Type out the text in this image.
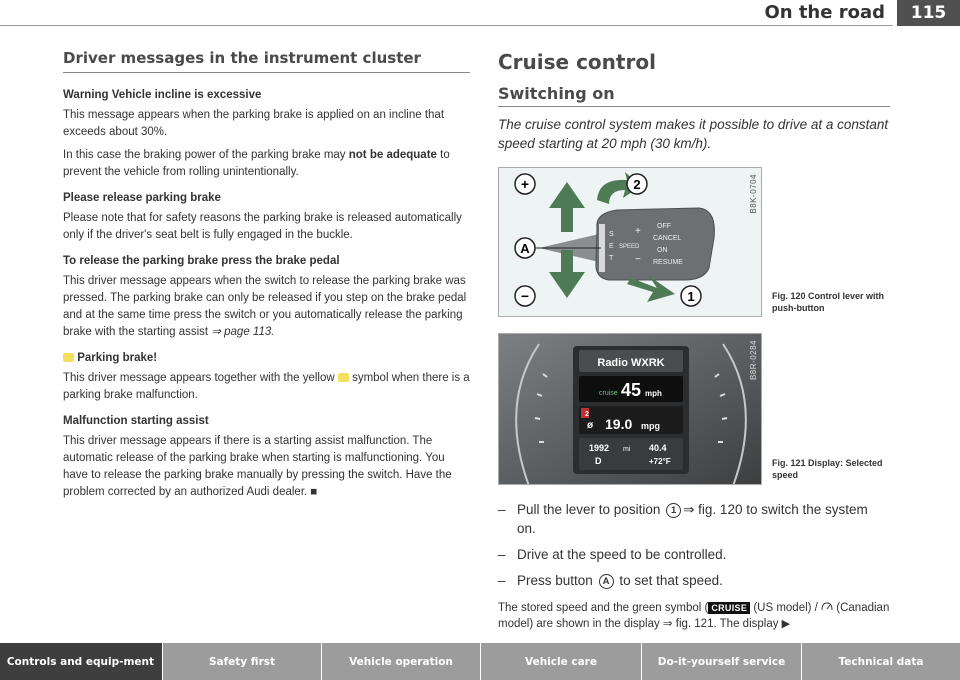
On the road	115
Driver messages in the instrument cluster
Warning Vehicle incline is excessive

This message appears when the parking brake is applied on an incline that exceeds about 30%.

In this case the braking power of the parking brake may not be adequate to prevent the vehicle from rolling unintentionally.

Please release parking brake

Please note that for safety reasons the parking brake is released automatically only if the driver's seat belt is fully engaged in the buckle.

To release the parking brake press the brake pedal

This driver message appears when the switch to release the parking brake was pressed. The parking brake can only be released if you step on the brake pedal and at the same time press the switch or you automatically release the parking brake with the starting assist ⇒ page 113.

Parking brake!

This driver message appears together with the yellow symbol when there is a parking brake malfunction.

Malfunction starting assist

This driver message appears if there is a starting assist malfunction. The automatic release of the parking brake when starting is malfunctioning. You have to release the parking brake manually by pressing the switch. Have the problem corrected by an authorized Audi dealer. ■

Cruise control
Switching on

The cruise control system makes it possible to drive at a constant speed starting at 20 mph (30 km/h).

+	2
A
−	1
S
E
T
SPEED
+
−
OFF
CANCEL
ON
RESUME
B8K-0704
Fig. 120 Control lever with push-button
Radio WXRK
cruise 45 mph
2
ø 19.0 mpg
1992 mi 40.4
D	+72°F
B8R-0284
Fig. 121 Display: Selected speed
– Pull the lever to position 1 ⇒ fig. 120 to switch the system on.
– Drive at the speed to be controlled.
– Press button A to set that speed.
The stored speed and the green symbol ( CRUISE (US model) /  (Canadian model) are shown in the display ⇒ fig. 121. The display ▶
Controls and equip-ment	Safety first	Vehicle operation	Vehicle care	Do-it-yourself service	Technical data
